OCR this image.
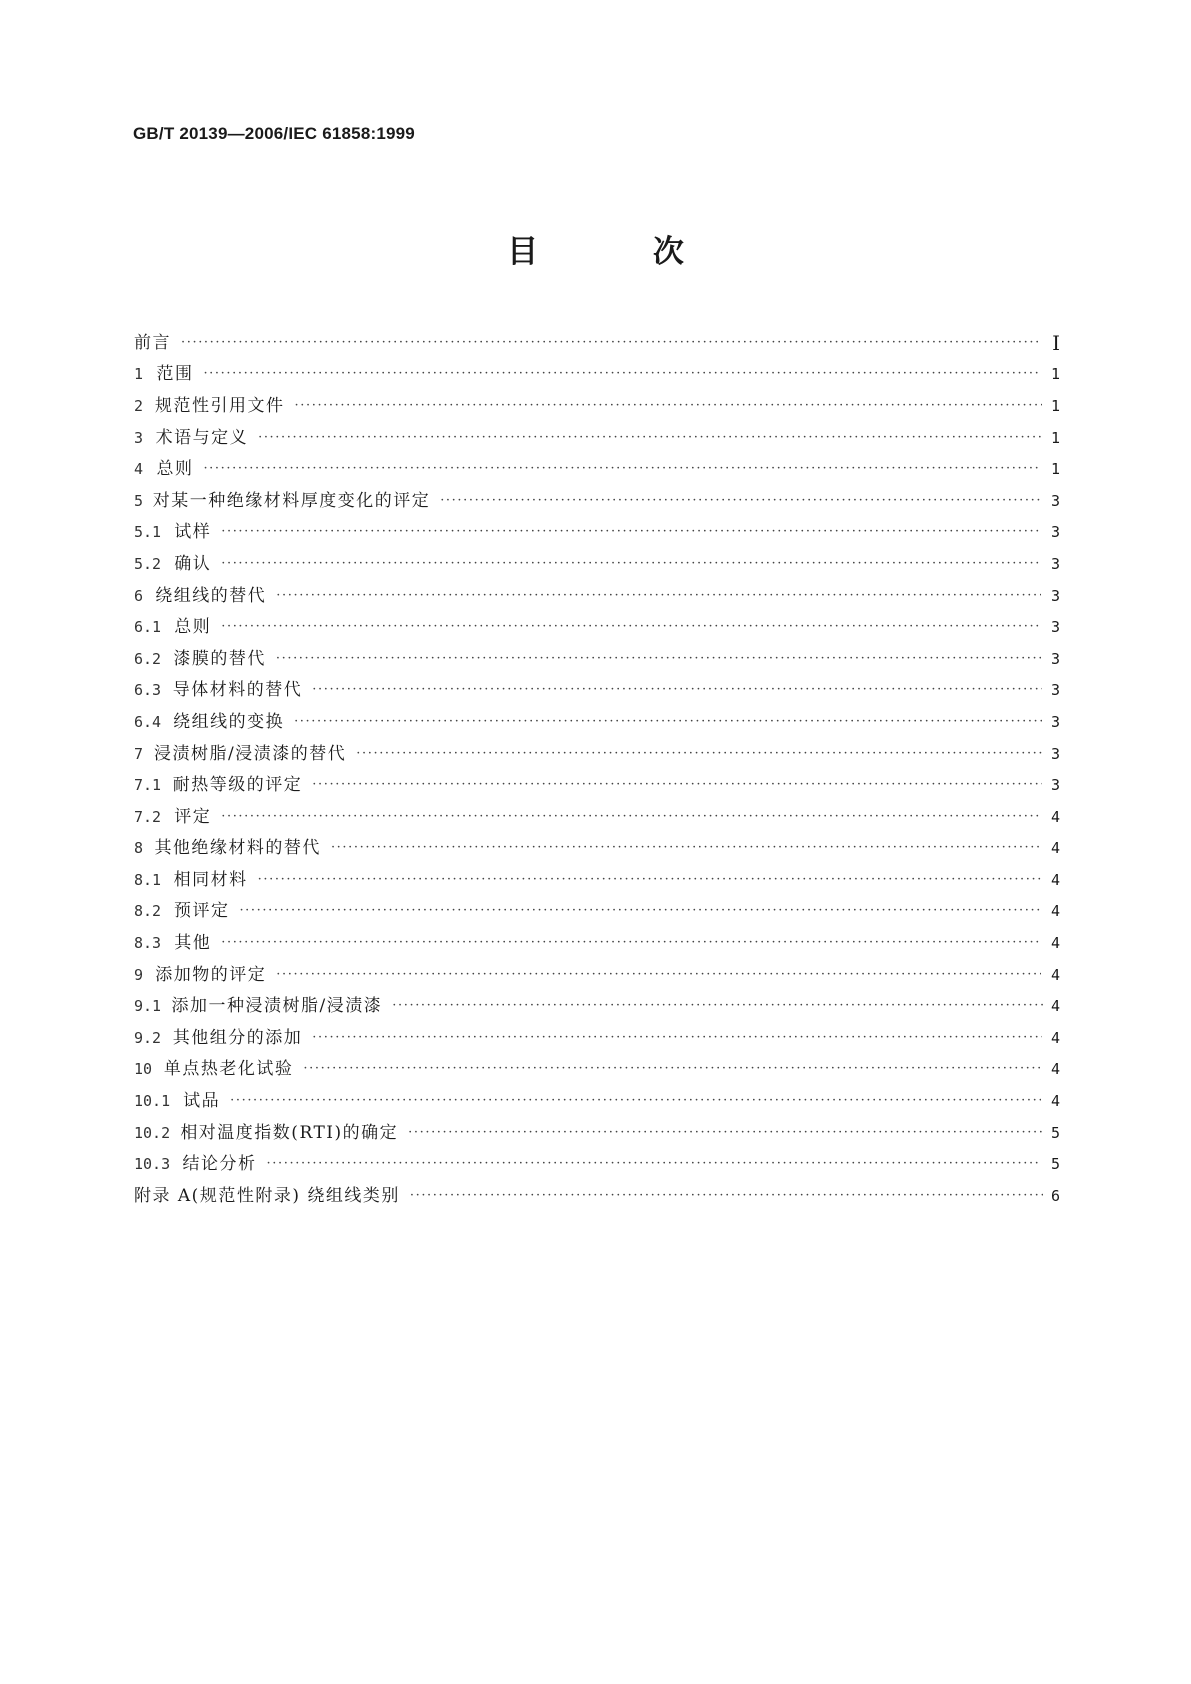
GB/T 20139—2006/IEC 61858:1999
目 次
前言 ·····	I
1 范围 ·····	1
2 规范性引用文件 ·····	1
3 术语与定义 ·····	1
4 总则 ·····	1
5 对某一种绝缘材料厚度变化的评定 ·····	3
5.1 试样 ·····	3
5.2 确认 ·····	3
6 绕组线的替代 ·····	3
6.1 总则 ·····	3
6.2 漆膜的替代 ·····	3
6.3 导体材料的替代 ·····	3
6.4 绕组线的变换 ·····	3
7 浸渍树脂/浸渍漆的替代 ·····	3
7.1 耐热等级的评定 ·····	3
7.2 评定 ·····	4
8 其他绝缘材料的替代 ·····	4
8.1 相同材料 ·····	4
8.2 预评定 ·····	4
8.3 其他 ·····	4
9 添加物的评定 ·····	4
9.1 添加一种浸渍树脂/浸渍漆 ·····	4
9.2 其他组分的添加 ·····	4
10 单点热老化试验 ·····	4
10.1 试品 ·····	4
10.2 相对温度指数(RTI)的确定 ·····	5
10.3 结论分析 ·····	5
附录 A(规范性附录) 绕组线类别 ·····	6
